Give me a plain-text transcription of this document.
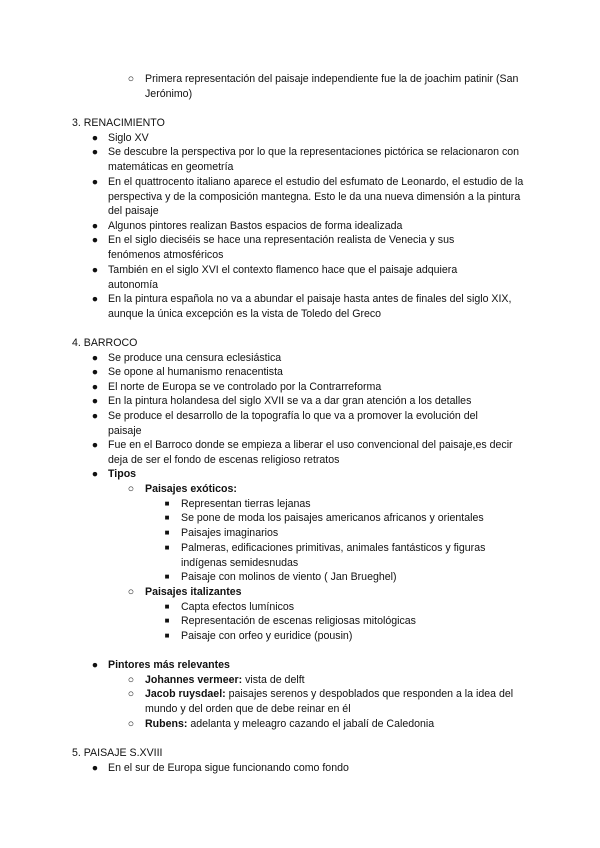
○ Primera representación del paisaje independiente fue la de joachim patinir (San Jerónimo)
3. RENACIMIENTO
● Siglo XV
● Se descubre la perspectiva por lo que la representaciones pictórica se relacionaron con matemáticas en geometría
● En el quattrocento italiano aparece el estudio del esfumato de Leonardo, el estudio de la perspectiva y de la composición mantegna. Esto le da una nueva dimensión a la pintura del paisaje
● Algunos pintores realizan Bastos espacios de forma idealizada
● En el siglo dieciséis se hace una representación realista de Venecia y sus fenómenos atmosféricos
● También en el siglo XVI el contexto flamenco hace que el paisaje adquiera autonomía
● En la pintura española no va a abundar el paisaje hasta antes de finales del siglo XIX, aunque la única excepción es la vista de Toledo del Greco
4. BARROCO
● Se produce una censura eclesiástica
● Se opone al humanismo renacentista
● El norte de Europa se ve controlado por la Contrarreforma
● En la pintura holandesa del siglo XVII se va a dar gran atención a los detalles
● Se produce el desarrollo de la topografía lo que va a promover la evolución del paisaje
● Fue en el Barroco donde se empieza a liberar el uso convencional del paisaje,es decir deja de ser el fondo de escenas religioso retratos
● Tipos
○ Paisajes exóticos:
■	Representan tierras lejanas
■	Se pone de moda los paisajes americanos africanos y orientales
■	Paisajes imaginarios
■	Palmeras, edificaciones primitivas, animales fantásticos y figuras indígenas semidesnudas
■	Paisaje con molinos de viento ( Jan Brueghel)
○ Paisajes italizantes
■	Capta efectos lumínicos
■	Representación de escenas religiosas mitológicas
■	Paisaje con orfeo y euridice (pousin)
● Pintores más relevantes
○ Johannes vermeer: vista de delft
○ Jacob ruysdael: paisajes serenos y despoblados que responden a la idea del mundo y del orden que de debe reinar en él
○ Rubens: adelanta y meleagro cazando el jabalí de Caledonia
5. PAISAJE S.XVIII
● En el sur de Europa sigue funcionando como fondo
